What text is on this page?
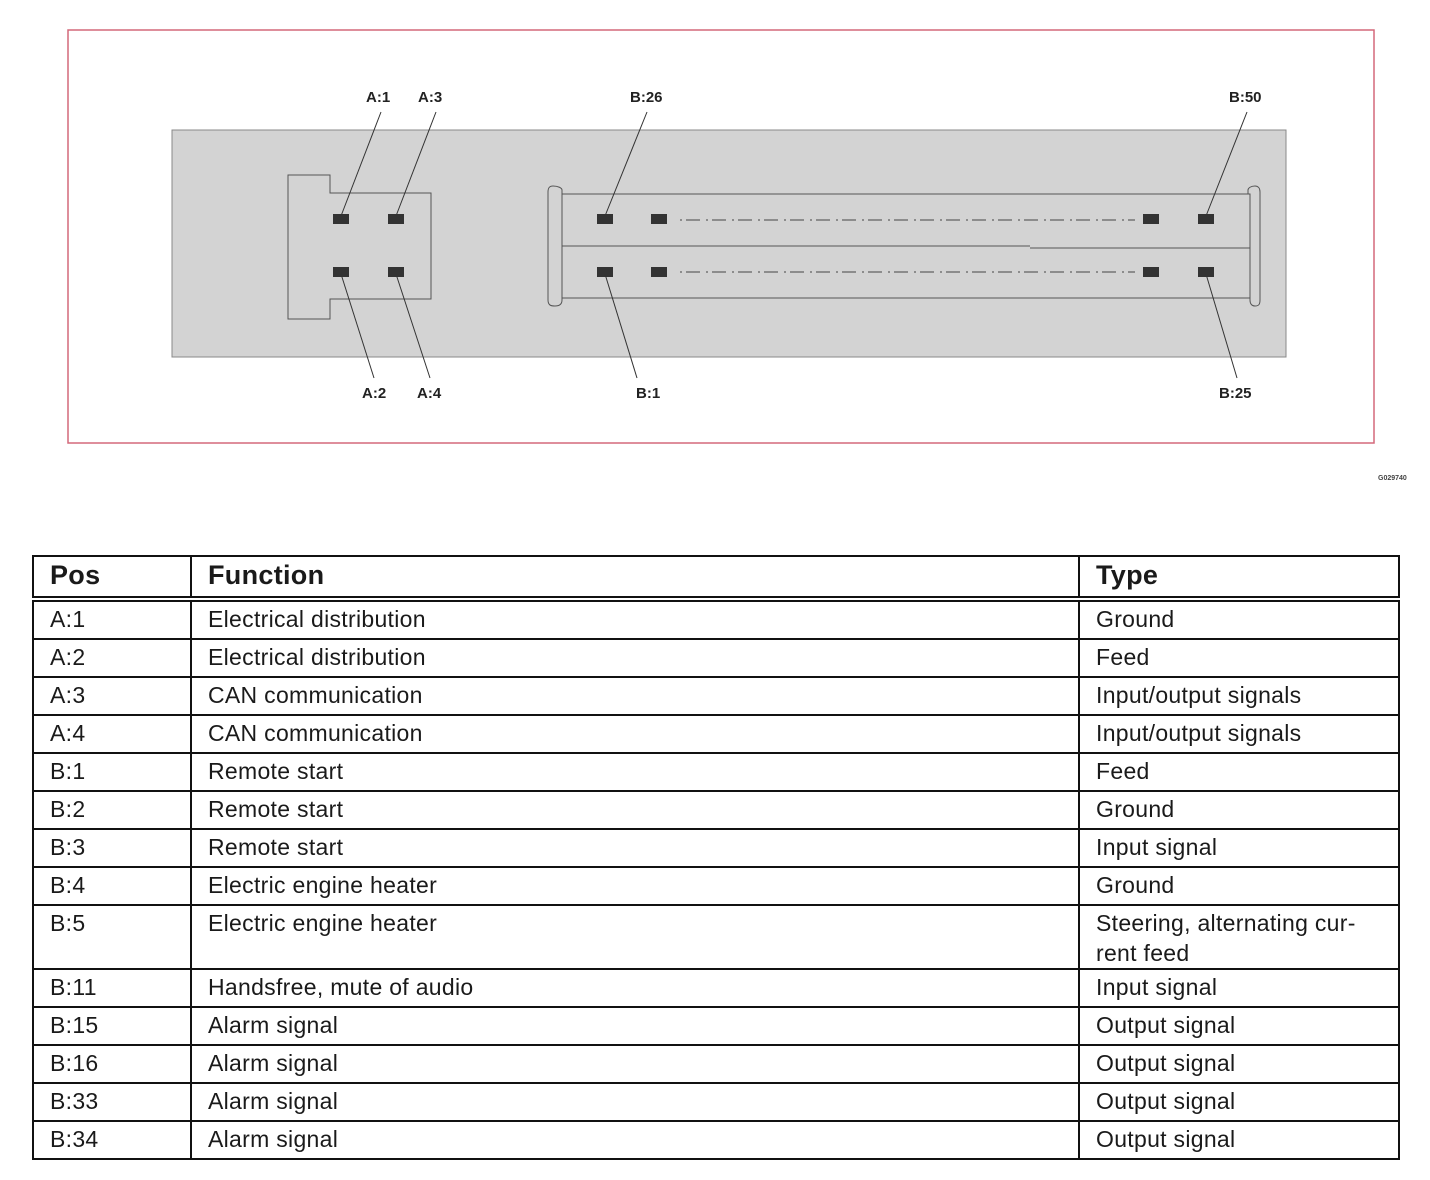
A:1 A:3	B:26	B:50
A:2 A:4	B:1	B:25
G029740
Pos	Function	Type
A:1	Electrical distribution	Ground
A:2	Electrical distribution	Feed
A:3	CAN communication	Input/output signals
A:4	CAN communication	Input/output signals
B:1	Remote start	Feed
B:2	Remote start	Ground
B:3	Remote start	Input signal
B:4	Electric engine heater	Ground
B:5	Electric engine heater	Steering, alternating cur-
rent feed
B:11	Handsfree, mute of audio	Input signal
B:15	Alarm signal	Output signal
B:16	Alarm signal	Output signal
B:33	Alarm signal	Output signal
B:34	Alarm signal	Output signal
